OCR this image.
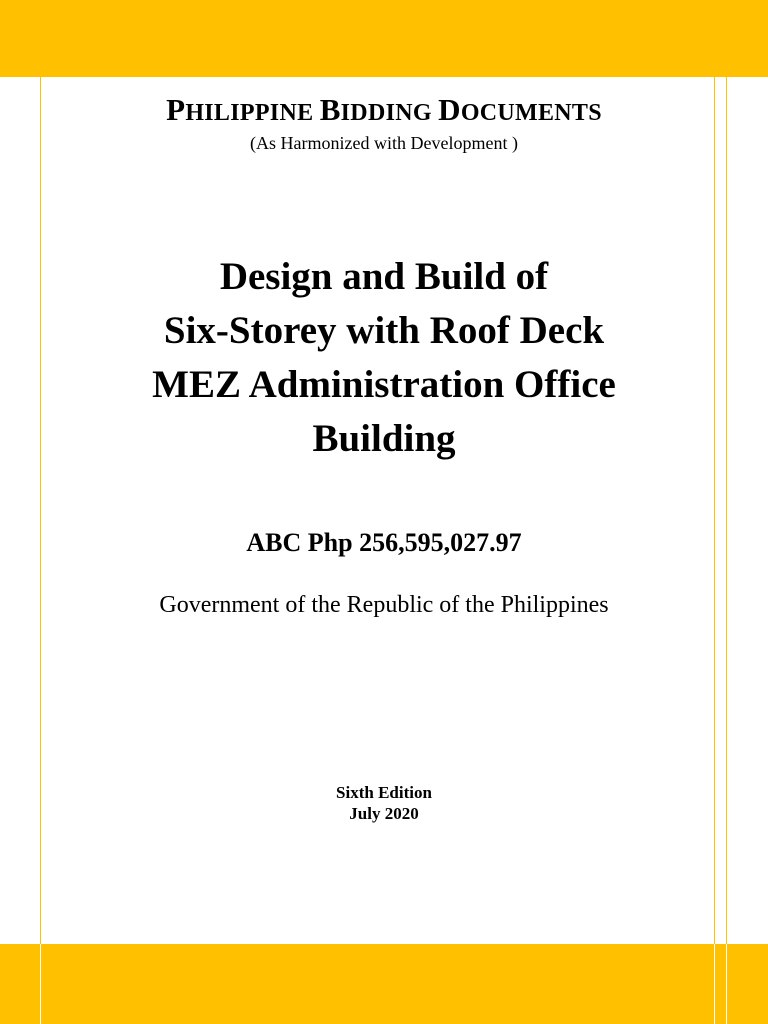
PHILIPPINE BIDDING DOCUMENTS
(As Harmonized with Development )
Design and Build of
Six-Storey with Roof Deck
MEZ Administration Office
Building
ABC Php 256,595,027.97
Government of the Republic of the Philippines
Sixth Edition
July 2020
